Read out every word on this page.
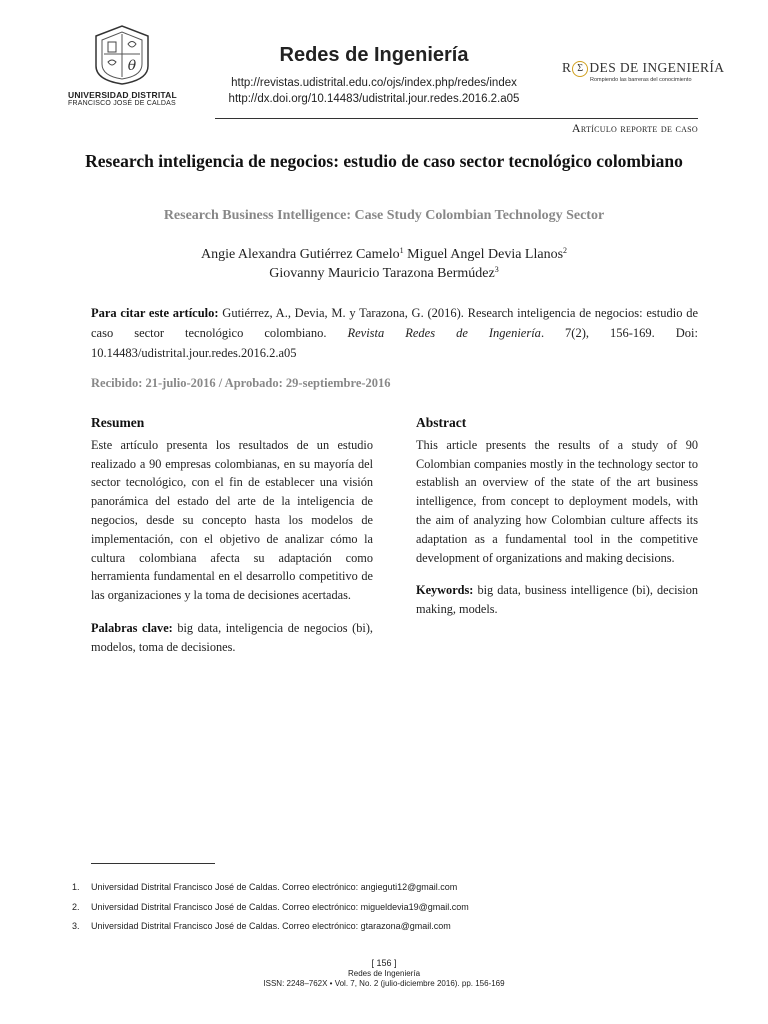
θ
UNIVERSIDAD DISTRITAL
FRANCISCO JOSÉ DE CALDAS
Redes de Ingeniería
http://revistas.udistrital.edu.co/ojs/index.php/redes/index
http://dx.doi.org/10.14483/udistrital.jour.redes.2016.2.a05
R Σ DES DE INGENIERÍA
Rompiendo las barreras del conocimiento
Artículo reporte de caso
Research inteligencia de negocios: estudio de caso sector tecnológico colombiano
Research Business Intelligence: Case Study Colombian Technology Sector
Angie Alexandra Gutiérrez Camelo$^1$ Miguel Angel Devia Llanos$^2$
Giovanny Mauricio Tarazona Bermúdez$^3$
Para citar este artículo: Gutiérrez, A., Devia, M. y Tarazona, G. (2016). Research inteligencia de negocios: estudio de caso sector tecnológico colombiano. Revista Redes de Ingeniería. 7(2), 156-169. Doi: 10.14483/udistrital.jour.redes.2016.2.a05
Recibido: 21-julio-2016 / Aprobado: 29-septiembre-2016
Resumen

Este artículo presenta los resultados de un estudio realizado a 90 empresas colombianas, en su mayoría del sector tecnológico, con el fin de establecer una visión panorámica del estado del arte de la inteligencia de negocios, desde su concepto hasta los modelos de implementación, con el objetivo de analizar cómo la cultura colombiana afecta su adaptación como herramienta fundamental en el desarrollo competitivo de las organizaciones y la toma de decisiones acertadas.

Palabras clave: big data, inteligencia de negocios (bi), modelos, toma de decisiones.

Abstract

This article presents the results of a study of 90 Colombian companies mostly in the technology sector to establish an overview of the state of the art business intelligence, from concept to deployment models, with the aim of analyzing how Colombian culture affects its adaptation as a fundamental tool in the competitive development of organizations and making decisions.

Keywords: big data, business intelligence (bi), decision making, models.

1. Universidad Distrital Francisco José de Caldas. Correo electrónico: angieguti12@gmail.com
2. Universidad Distrital Francisco José de Caldas. Correo electrónico: migueldevia19@gmail.com
3. Universidad Distrital Francisco José de Caldas. Correo electrónico: gtarazona@gmail.com
[ 156 ]
Redes de Ingeniería
ISSN: 2248–762X • Vol. 7, No. 2 (julio-diciembre 2016). pp. 156-169
